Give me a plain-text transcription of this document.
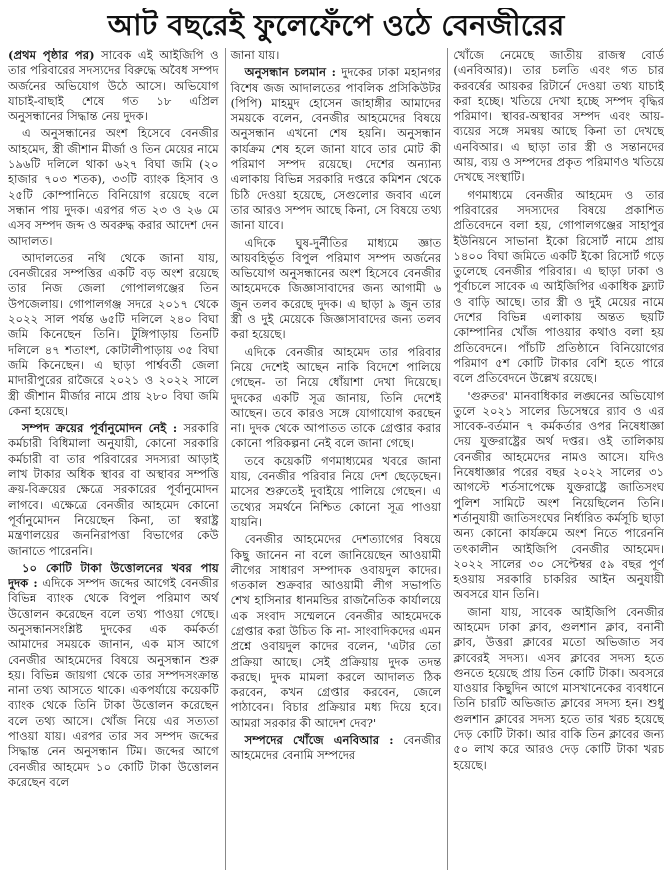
আট বছরেই ফুলেফেঁপে ওঠে বেনজীরের

(প্রথম পৃষ্ঠার পর) সাবেক এই আইজিপি ও তার পরিবারের সদস্যদের বিরুদ্ধে অবৈধ সম্পদ অর্জনের অভিযোগ উঠে আসে। অভিযোগ যাচাই-বাছাই শেষে গত ১৮ এপ্রিল অনুসন্ধানের সিদ্ধান্ত নেয় দুদক।

এ অনুসন্ধানের অংশ হিসেবে বেনজীর আহমেদ, স্ত্রী জীশান মীর্জা ও তিন মেয়ের নামে ১৯৬টি দলিলে থাকা ৬২৭ বিঘা জমি (২০ হাজার ৭০৩ শতক), ৩৩টি ব্যাংক হিসাব ও ২৫টি কোম্পানিতে বিনিয়োগ রয়েছে বলে সন্ধান পায় দুদক। এরপর গত ২৩ ও ২৬ মে এসব সম্পদ জব্দ ও অবরুদ্ধ করার আদেশ দেন আদালত।

আদালতের নথি থেকে জানা যায়, বেনজীরের সম্পত্তির একটি বড় অংশ রয়েছে তার নিজ জেলা গোপালগঞ্জের তিন উপজেলায়। গোপালগঞ্জ সদরে ২০১৭ থেকে ২০২২ সাল পর্যন্ত ৬৫টি দলিলে ২৪০ বিঘা জমি কিনেছেন তিনি। টুঙ্গিপাড়ায় তিনটি দলিলে ৪৭ শতাংশ, কোটালীপাড়ায় ৩৫ বিঘা জমি কিনেছেন। এ ছাড়া পার্শ্ববর্তী জেলা মাদারীপুরের রাজৈরে ২০২১ ও ২০২২ সালে স্ত্রী জীশান মীর্জার নামে প্রায় ২৮০ বিঘা জমি কেনা হয়েছে।

সম্পদ ক্রয়ের পূর্বানুমোদন নেই : সরকারি কর্মচারী বিধিমালা অনুযায়ী, কোনো সরকারি কর্মচারী বা তার পরিবারের সদস্যরা আড়াই লাখ টাকার অধিক স্থাবর বা অস্থাবর সম্পত্তি ক্রয়-বিক্রয়ের ক্ষেত্রে সরকারের পূর্বানুমোদন লাগবে। এক্ষেত্রে বেনজীর আহমেদ কোনো পূর্বানুমোদন নিয়েছেন কিনা, তা স্বরাষ্ট্র মন্ত্রণালয়ের জননিরাপত্তা বিভাগের কেউ জানাতে পারেননি।

১০ কোটি টাকা উত্তোলনের খবর পায় দুদক : এদিকে সম্পদ জব্দের আগেই বেনজীর বিভিন্ন ব্যাংক থেকে বিপুল পরিমাণ অর্থ উত্তোলন করেছেন বলে তথ্য পাওয়া গেছে। অনুসন্ধানসংশ্লিষ্ট দুদকের এক কর্মকর্তা আমাদের সময়কে জানান, এক মাস আগে বেনজীর আহমেদের বিষয়ে অনুসন্ধান শুরু হয়। বিভিন্ন জায়গা থেকে তার সম্পদসংক্রান্ত নানা তথ্য আসতে থাকে। একপর্যায়ে কয়েকটি ব্যাংক থেকে তিনি টাকা উত্তোলন করেছেন বলে তথ্য আসে। খোঁজ নিয়ে এর সত্যতা পাওয়া যায়। এরপর তার সব সম্পদ জব্দের সিদ্ধান্ত নেন অনুসন্ধান টিম। জব্দের আগে বেনজীর আহমেদ ১০ কোটি টাকা উত্তোলন করেছেন বলে

জানা যায়।

অনুসন্ধান চলমান : দুদকের ঢাকা মহানগর বিশেষ জজ আদালতের পাবলিক প্রসিকিউটর (পিপি) মাহমুদ হোসেন জাহাঙ্গীর আমাদের সময়কে বলেন, বেনজীর আহমেদের বিষয়ে অনুসন্ধান এখনো শেষ হয়নি। অনুসন্ধান কার্যক্রম শেষ হলে জানা যাবে তার মোট কী পরিমাণ সম্পদ রয়েছে। দেশের অন্যান্য এলাকায় বিভিন্ন সরকারি দপ্তরে কমিশন থেকে চিঠি দেওয়া হয়েছে, সেগুলোর জবাব এলে তার আরও সম্পদ আছে কিনা, সে বিষয়ে তথ্য জানা যাবে।

এদিকে ঘুষ-দুর্নীতির মাধ্যমে জ্ঞাত আয়বহির্ভূত বিপুল পরিমাণ সম্পদ অর্জনের অভিযোগ অনুসন্ধানের অংশ হিসেবে বেনজীর আহমেদকে জিজ্ঞাসাবাদের জন্য আগামী ৬ জুন তলব করেছে দুদক। এ ছাড়া ৯ জুন তার স্ত্রী ও দুই মেয়েকে জিজ্ঞাসাবাদের জন্য তলব করা হয়েছে।

এদিকে বেনজীর আহমেদ তার পরিবার নিয়ে দেশেই আছেন নাকি বিদেশে পালিয়ে গেছেন- তা নিয়ে ধোঁয়াশা দেখা দিয়েছে। দুদকের একটি সূত্র জানায়, তিনি দেশেই আছেন। তবে কারও সঙ্গে যোগাযোগ করছেন না। দুদক থেকে আপাতত তাকে গ্রেপ্তার করার কোনো পরিকল্পনা নেই বলে জানা গেছে।

তবে কয়েকটি গণমাধ্যমের খবরে জানা যায়, বেনজীর পরিবার নিয়ে দেশ ছেড়েছেন। মাসের শুরুতেই দুবাইয়ে পালিয়ে গেছেন। এ তথ্যের সমর্থনে নিশ্চিত কোনো সূত্র পাওয়া যায়নি।

বেনজীর আহমেদের দেশত্যাগের বিষয়ে কিছু জানেন না বলে জানিয়েছেন আওয়ামী লীগের সাধারণ সম্পাদক ওবায়দুল কাদের। গতকাল শুক্রবার আওয়ামী লীগ সভাপতি শেখ হাসিনার ধানমন্ডির রাজনৈতিক কার্যালয়ে এক সংবাদ সম্মেলনে বেনজীর আহমেদকে গ্রেপ্তার করা উচিত কি না- সাংবাদিকদের এমন প্রশ্নে ওবায়দুল কাদের বলেন, 'এটার তো প্রক্রিয়া আছে। সেই প্রক্রিয়ায় দুদক তদন্ত করছে। দুদক মামলা করলে আদালত ঠিক করবেন, কখন গ্রেপ্তার করবেন, জেলে পাঠাবেন। বিচার প্রক্রিয়ার মধ্য দিয়ে হবে। আমরা সরকার কী আদেশ দেব?'

সম্পদের খোঁজে এনবিআর : বেনজীর আহমেদের বেনামি সম্পদের

খোঁজে নেমেছে জাতীয় রাজস্ব বোর্ড (এনবিআর)। তার চলতি এবং গত চার করবর্ষের আয়কর রিটার্নে দেওয়া তথ্য যাচাই করা হচ্ছে। খতিয়ে দেখা হচ্ছে সম্পদ বৃদ্ধির পরিমাণ। স্থাবর-অস্থাবর সম্পদ এবং আয়-ব্যয়ের সঙ্গে সমন্বয় আছে কিনা তা দেখছে এনবিআর। এ ছাড়া তার স্ত্রী ও সন্তানদের আয়, ব্যয় ও সম্পদের প্রকৃত পরিমাণও খতিয়ে দেখছে সংস্থাটি।

গণমাধ্যমে বেনজীর আহমেদ ও তার পরিবারের সদস্যদের বিষয়ে প্রকাশিত প্রতিবেদনে বলা হয়, গোপালগঞ্জের সাহাপুর ইউনিয়নে সাভানা ইকো রিসোর্ট নামে প্রায় ১৪০০ বিঘা জমিতে একটি ইকো রিসোর্ট গড়ে তুলেছে বেনজীর পরিবার। এ ছাড়া ঢাকা ও পূর্বাচলে সাবেক এ আইজিপির একাধিক ফ্ল্যাট ও বাড়ি আছে। তার স্ত্রী ও দুই মেয়ের নামে দেশের বিভিন্ন এলাকায় অন্তত ছয়টি কোম্পানির খোঁজ পাওয়ার কথাও বলা হয় প্রতিবেদনে। পাঁচটি প্রতিষ্ঠানে বিনিয়োগের পরিমাণ ৫শ কোটি টাকার বেশি হতে পারে বলে প্রতিবেদনে উল্লেখ রয়েছে।

'গুরুতর' মানবাধিকার লঙ্ঘনের অভিযোগ তুলে ২০২১ সালের ডিসেম্বরে র‌্যাব ও এর সাবেক-বর্তমান ৭ কর্মকর্তার ওপর নিষেধাজ্ঞা দেয় যুক্তরাষ্ট্রের অর্থ দপ্তর। ওই তালিকায় বেনজীর আহমেদের নামও আসে। যদিও নিষেধাজ্ঞার পরের বছর ২০২২ সালের ৩১ আগস্টে শর্তসাপেক্ষে যুক্তরাষ্ট্রে জাতিসংঘ পুলিশ সামিটে অংশ নিয়েছিলেন তিনি। শর্তানুযায়ী জাতিসংঘের নির্ধারিত কর্মসূচি ছাড়া অন্য কোনো কার্যক্রমে অংশ নিতে পারেননি তৎকালীন আইজিপি বেনজীর আহমেদ। ২০২২ সালের ৩০ সেপ্টেম্বর ৫৯ বছর পূর্ণ হওয়ায় সরকারি চাকরির আইন অনুযায়ী অবসরে যান তিনি।

জানা যায়, সাবেক আইজিপি বেনজীর আহমেদ ঢাকা ক্লাব, গুলশান ক্লাব, বনানী ক্লাব, উত্তরা ক্লাবের মতো অভিজাত সব ক্লাবেরই সদস্য। এসব ক্লাবের সদস্য হতে গুনতে হয়েছে প্রায় তিন কোটি টাকা। অবসরে যাওয়ার কিছুদিন আগে মাসখানেকের ব্যবধানে তিনি চারটি অভিজাত ক্লাবের সদস্য হন। শুধু গুলশান ক্লাবের সদস্য হতে তার খরচ হয়েছে দেড় কোটি টাকা। আর বাকি তিন ক্লাবের জন্য ৫০ লাখ করে আরও দেড় কোটি টাকা খরচ হয়েছে।
